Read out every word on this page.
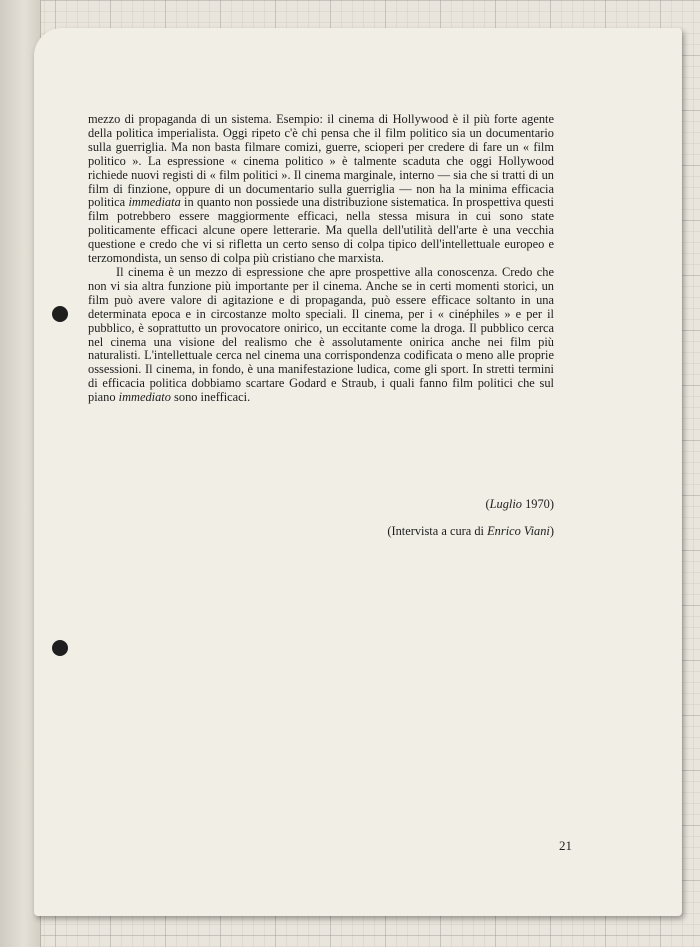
mezzo di propaganda di un sistema. Esempio: il cinema di Hollywood è il più forte agente della politica imperialista. Oggi ripeto c'è chi pensa che il film politico sia un documentario sulla guerriglia. Ma non basta filmare comizi, guerre, scioperi per credere di fare un « film politico ». La espressione « cinema politico » è talmente scaduta che oggi Hollywood richiede nuovi registi di « film politici ». Il cinema marginale, interno — sia che si tratti di un film di finzione, oppure di un documentario sulla guerriglia — non ha la minima efficacia politica immediata in quanto non possiede una distribuzione sistematica. In prospettiva questi film potrebbero essere maggiormente efficaci, nella stessa misura in cui sono state politicamente efficaci alcune opere letterarie. Ma quella dell'utilità dell'arte è una vecchia questione e credo che vi si rifletta un certo senso di colpa tipico dell'intellettuale europeo e terzomondista, un senso di colpa più cristiano che marxista.

Il cinema è un mezzo di espressione che apre prospettive alla conoscenza. Credo che non vi sia altra funzione più importante per il cinema. Anche se in certi momenti storici, un film può avere valore di agitazione e di propaganda, può essere efficace soltanto in una determinata epoca e in circostanze molto speciali. Il cinema, per i « cinéphiles » e per il pubblico, è soprattutto un provocatore onirico, un eccitante come la droga. Il pubblico cerca nel cinema una visione del realismo che è assolutamente onirica anche nei film più naturalisti. L'intellettuale cerca nel cinema una corrispondenza codificata o meno alle proprie ossessioni. Il cinema, in fondo, è una manifestazione ludica, come gli sport. In stretti termini di efficacia politica dobbiamo scartare Godard e Straub, i quali fanno film politici che sul piano immediato sono inefficaci.

(Luglio 1970)
(Intervista a cura di Enrico Viani)
21
